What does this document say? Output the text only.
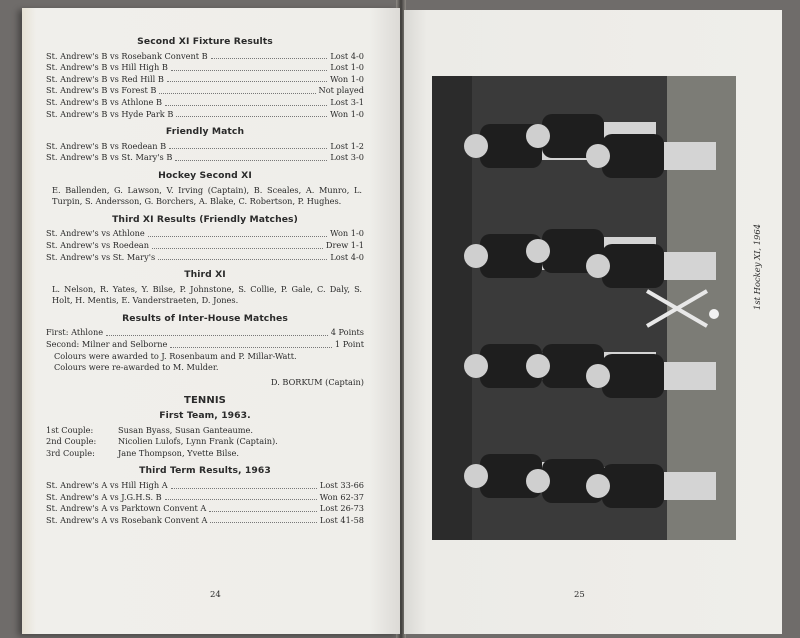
Second XI Fixture Results
St. Andrew's B vs Rosebank Convent B	Lost 4-0
St. Andrew's B vs Hill High B	Lost 1-0
St. Andrew's B vs Red Hill B	Won 1-0
St. Andrew's B vs Forest B	Not played
St. Andrew's B vs Athlone B	Lost 3-1
St. Andrew's B vs Hyde Park B	Won 1-0
Friendly Match
St. Andrew's B vs Roedean B	Lost 1-2
St. Andrew's B vs St. Mary's B	Lost 3-0
Hockey Second XI
E. Ballenden, G. Lawson, V. Irving (Captain), B. Sceales, A. Munro, L. Turpin, S. Andersson, G. Borchers, A. Blake, C. Robertson, P. Hughes.
Third XI Results (Friendly Matches)
St. Andrew's vs Athlone	Won 1-0
St. Andrew's vs Roedean	Drew 1-1
St. Andrew's vs St. Mary's	Lost 4-0
Third XI
L. Nelson, R. Yates, Y. Bilse, P. Johnstone, S. Collie, P. Gale, C. Daly, S. Holt, H. Mentis, E. Vanderstraeten, D. Jones.
Results of Inter-House Matches
First:
Athlone	4 Points
Second:
Milner and Selborne	1 Point
Colours were awarded to J. Rosenbaum and P. Millar-Watt.
Colours were re-awarded to M. Mulder.
D. BORKUM (Captain)
TENNIS
First Team, 1963.
1st Couple:	Susan Byass, Susan Ganteaume.
2nd Couple:	Nicolien Lulofs, Lynn Frank (Captain).
3rd Couple:	Jane Thompson, Yvette Bilse.
Third Term Results, 1963
St. Andrew's A vs Hill High A	Lost 33-66
St. Andrew's A vs J.G.H.S. B	Won 62-37
St. Andrew's A vs Parktown Convent A	Lost 26-73
St. Andrew's A vs Rosebank Convent A	Lost 41-58
24
1st Hockey XI, 1964
25
